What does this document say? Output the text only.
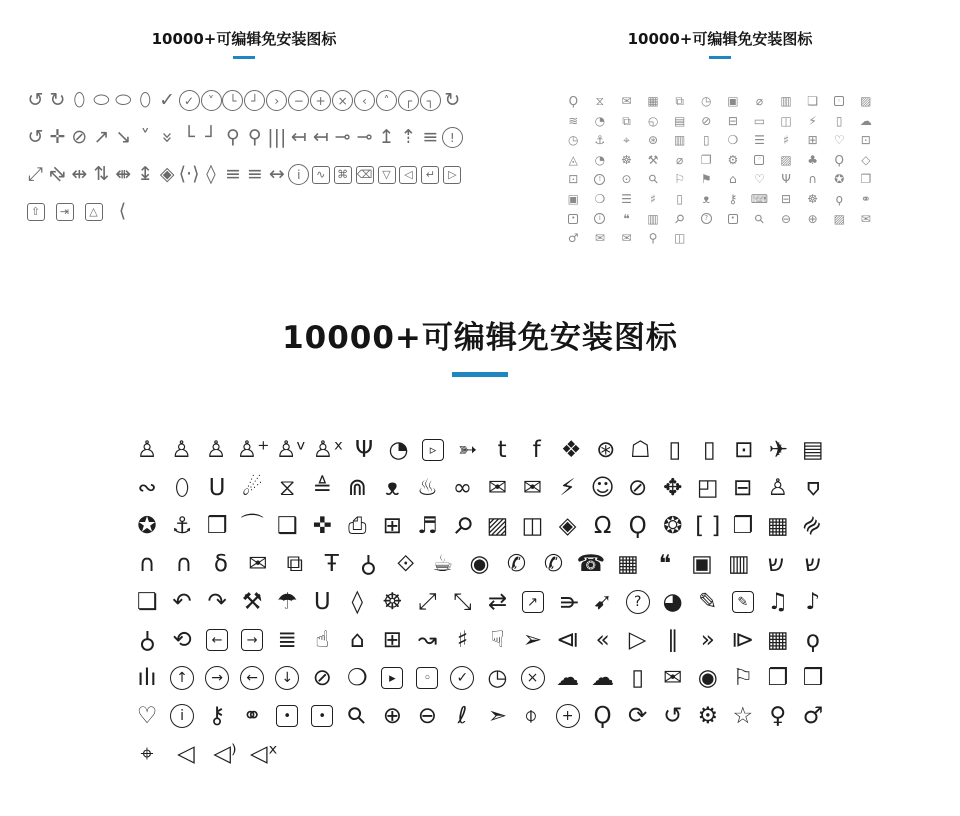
10000+可编辑免安装图标
↺ ↻ ⬯ ⬭ ⬭ ⬯ ✓ ✓	˅	└	┘	›	− + ×	‹	˄	┌	┐ ↻
↺ ✛ ⊘ ↗ ↘ ˅ » └ ┘ ⚲ ⚲ ||| ↤ ↤ ⊸ ⊸ ↥ ⇡ ≡ !
⤢ ⇄ ⇹ ⇅ ⇼ ↨ ◈ ⟨·⟩ ◊ ≡ ≡ ↔	i	∿	⌘ ⌫ ▽	◁	↵	▷
⇧	⇥	△ ⟨
10000+可编辑免安装图标
Ϙ ⧖ ✉ ▦ ⧉ ◷ ▣ ⌀ ▥ ❏	◦ ▨
≋ ◔ ⧉ ◵ ▤ ⊘ ⊟ ▭ ◫ ⚡ ▯ ☁
◷ ⚓ ⌖ ⊛ ▥ ▯ ❍ ☰ ♯ ⊞ ♡ ⊡
◬ ◔ ☸ ⚒ ⌀ ❐ ⚙	◦ ▨ ♣ Ϙ ◇
⊡	!	⊙ ⚲ ⚐ ⚑ ⌂ ♡ Ψ ∩ ✪ ❐
▣ ❍ ☰ ♯ ▯ ᴥ ⚷ ⌨ ⊟ ☸ ϙ ⚭
•	i	❝ ▥ ⚲	?	• ⚲ ⊖ ⊕ ▨ ✉
♂ ✉ ✉ ⚲ ◫
10000+可编辑免安装图标
♙ ♙ ♙ ♙⁺ ♙ᵛ ♙ˣ Ψ ◔	▹ ➳ t f ❖ ⊛ ☖ ▯ ▯ ⊡ ✈ ▤
∾ ⬯ Ս ☄ ⧖ ≜ ⋒ ᴥ ♨ ∞ ✉ ✉ ⚡ ☺ ⊘ ✥ ◰ ⊟ ♙ ⌂
✪ ⚓ ❒ ⌒ ❑ ✜ ⎙ ⊞ ♬ ⚲ ▨ ◫ ◈ Ω Ϙ ❂ [ ] ❐ ▦ ≋
∩ ∩ δ ✉ ⧉ Ŧ ⚲ ⟐ ☕ ◉ ✆ ✆ ☎ ▦ ❝ ▣ ▥ ש ש
❏ ↶ ↷ ⚒ ☂ ᑌ ◊ ☸ ⤢ ⤡ ⇄	↗ ⋔ ➹	? ◕ ✎	✎ ♫ ♪
⚲ ⟲	←	→ ≣ ☝ ⌂ ⊞ ↝ ♯ ☟ ➢ ⧏ « ▷ ∥ » ⧐ ▦ ϙ
ılı	↑	→	←	↓ ⊘ ❍	▸	◦	✓ ◷	× ☁ ☁ ▯ ✉ ◉ ⚐ ❐ ❒
♡	i	⚷ ⚭	•	• ⚲ ⊕ ⊖ ℓ ➣ ⦵	+ Ϙ ⟳ ↺ ⚙ ☆ ♀ ♂
⌖ ◁ ◁⁾ ◁ˣ
